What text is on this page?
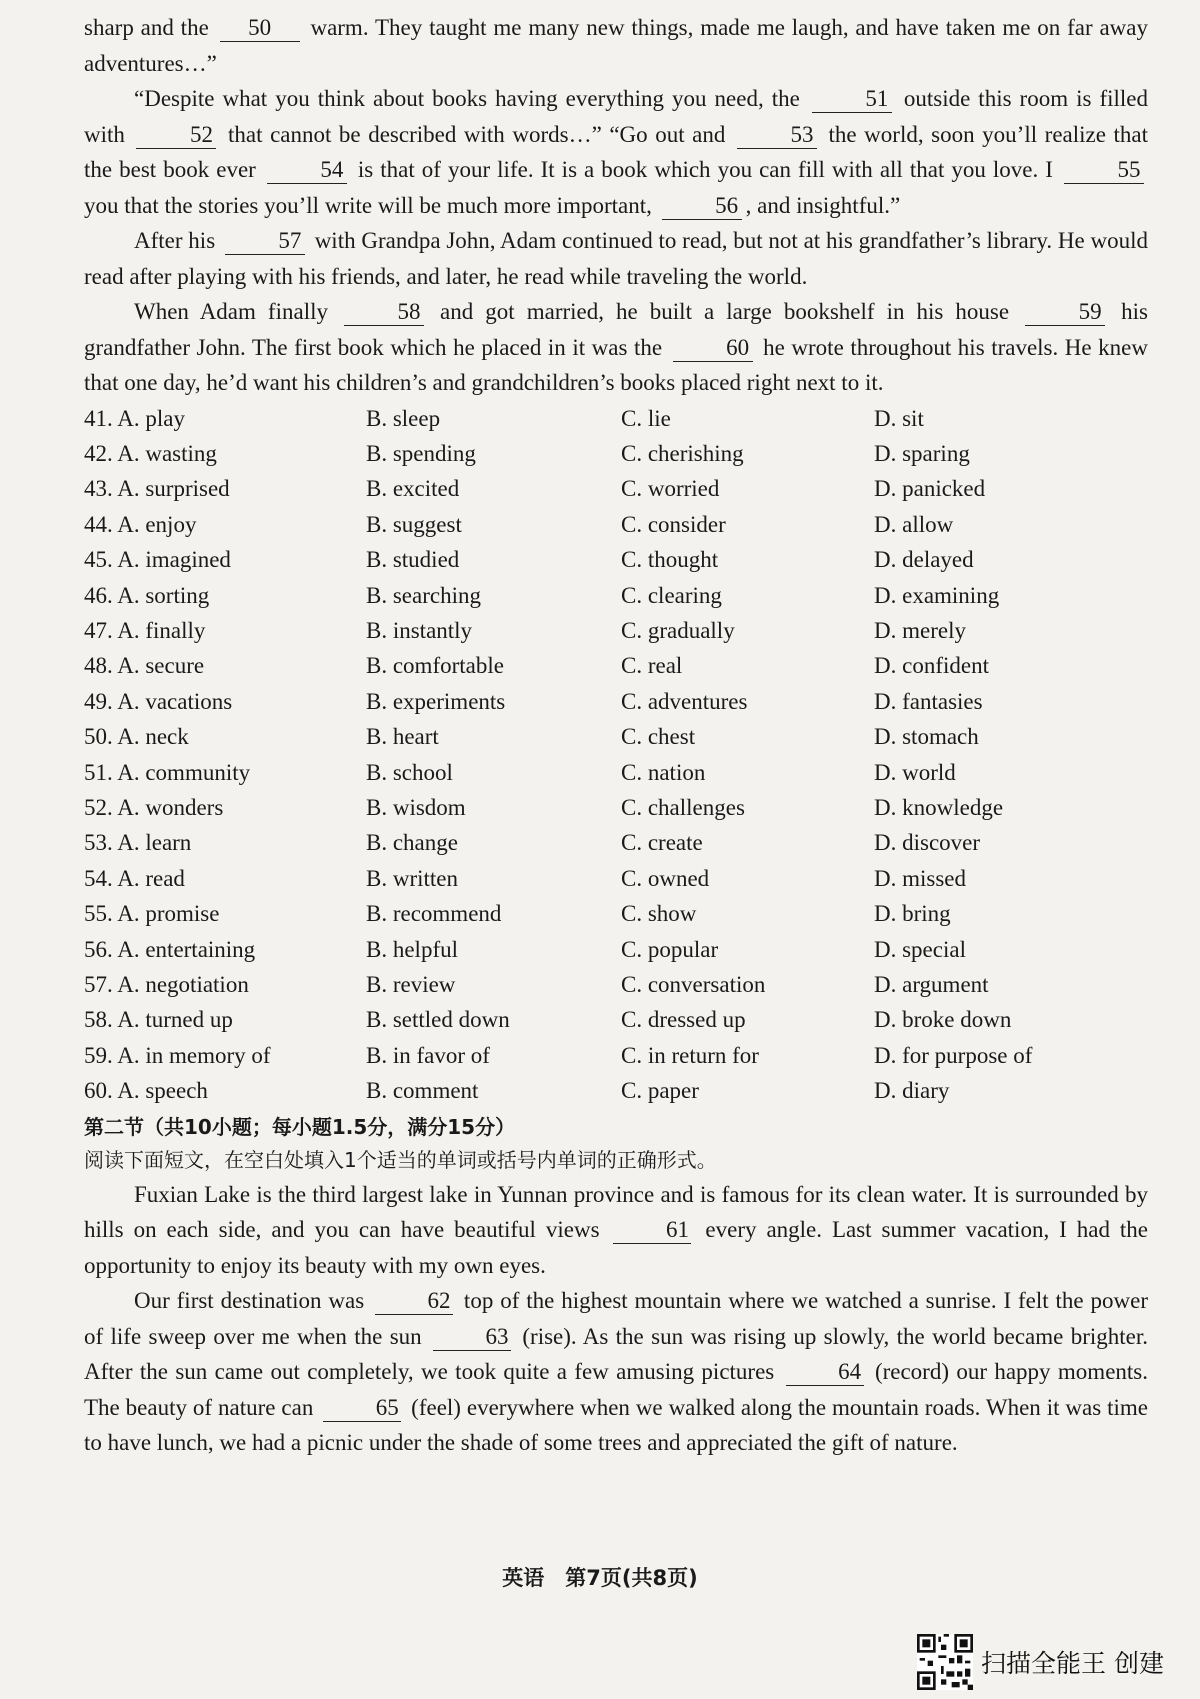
sharp and the 50 warm. They taught me many new things, made me laugh, and have taken me on far away adventures…”

“Despite what you think about books having everything you need, the	51 outside this room is filled with	52 that cannot be described with words…” “Go out and	53 the world, soon you’ll realize that the best book ever	54 is that of your life. It is a book which you can fill with all that you love. I	55 you that the stories you’ll write will be much more important,	56 , and insightful.”

After his	57 with Grandpa John, Adam continued to read, but not at his grandfather’s library. He would read after playing with his friends, and later, he read while traveling the world.

When Adam finally	58 and got married, he built a large bookshelf in his house	59 his grandfather John. The first book which he placed in it was the	60 he wrote throughout his travels. He knew that one day, he’d want his children’s and grandchildren’s books placed right next to it.

41. A. play	B. sleep	C. lie	D. sit
42. A. wasting	B. spending	C. cherishing	D. sparing
43. A. surprised	B. excited	C. worried	D. panicked
44. A. enjoy	B. suggest	C. consider	D. allow
45. A. imagined	B. studied	C. thought	D. delayed
46. A. sorting	B. searching	C. clearing	D. examining
47. A. finally	B. instantly	C. gradually	D. merely
48. A. secure	B. comfortable	C. real	D. confident
49. A. vacations	B. experiments	C. adventures	D. fantasies
50. A. neck	B. heart	C. chest	D. stomach
51. A. community	B. school	C. nation	D. world
52. A. wonders	B. wisdom	C. challenges	D. knowledge
53. A. learn	B. change	C. create	D. discover
54. A. read	B. written	C. owned	D. missed
55. A. promise	B. recommend	C. show	D. bring
56. A. entertaining	B. helpful	C. popular	D. special
57. A. negotiation	B. review	C. conversation	D. argument
58. A. turned up	B. settled down	C. dressed up	D. broke down
59. A. in memory of	B. in favor of	C. in return for	D. for purpose of
60. A. speech	B. comment	C. paper	D. diary
第二节（共10小题；每小题1.5分，满分15分）
阅读下面短文，在空白处填入1个适当的单词或括号内单词的正确形式。

Fuxian Lake is the third largest lake in Yunnan province and is famous for its clean water. It is surrounded by hills on each side, and you can have beautiful views 61 every angle. Last summer vacation, I had the opportunity to enjoy its beauty with my own eyes.

Our first destination was 62 top of the highest mountain where we watched a sunrise. I felt the power of life sweep over me when the sun 63 (rise). As the sun was rising up slowly, the world became brighter. After the sun came out completely, we took quite a few amusing pictures 64 (record) our happy moments. The beauty of nature can 65 (feel) everywhere when we walked along the mountain roads. When it was time to have lunch, we had a picnic under the shade of some trees and appreciated the gift of nature.

英语　第7页(共8页)
扫描全能王 创建
